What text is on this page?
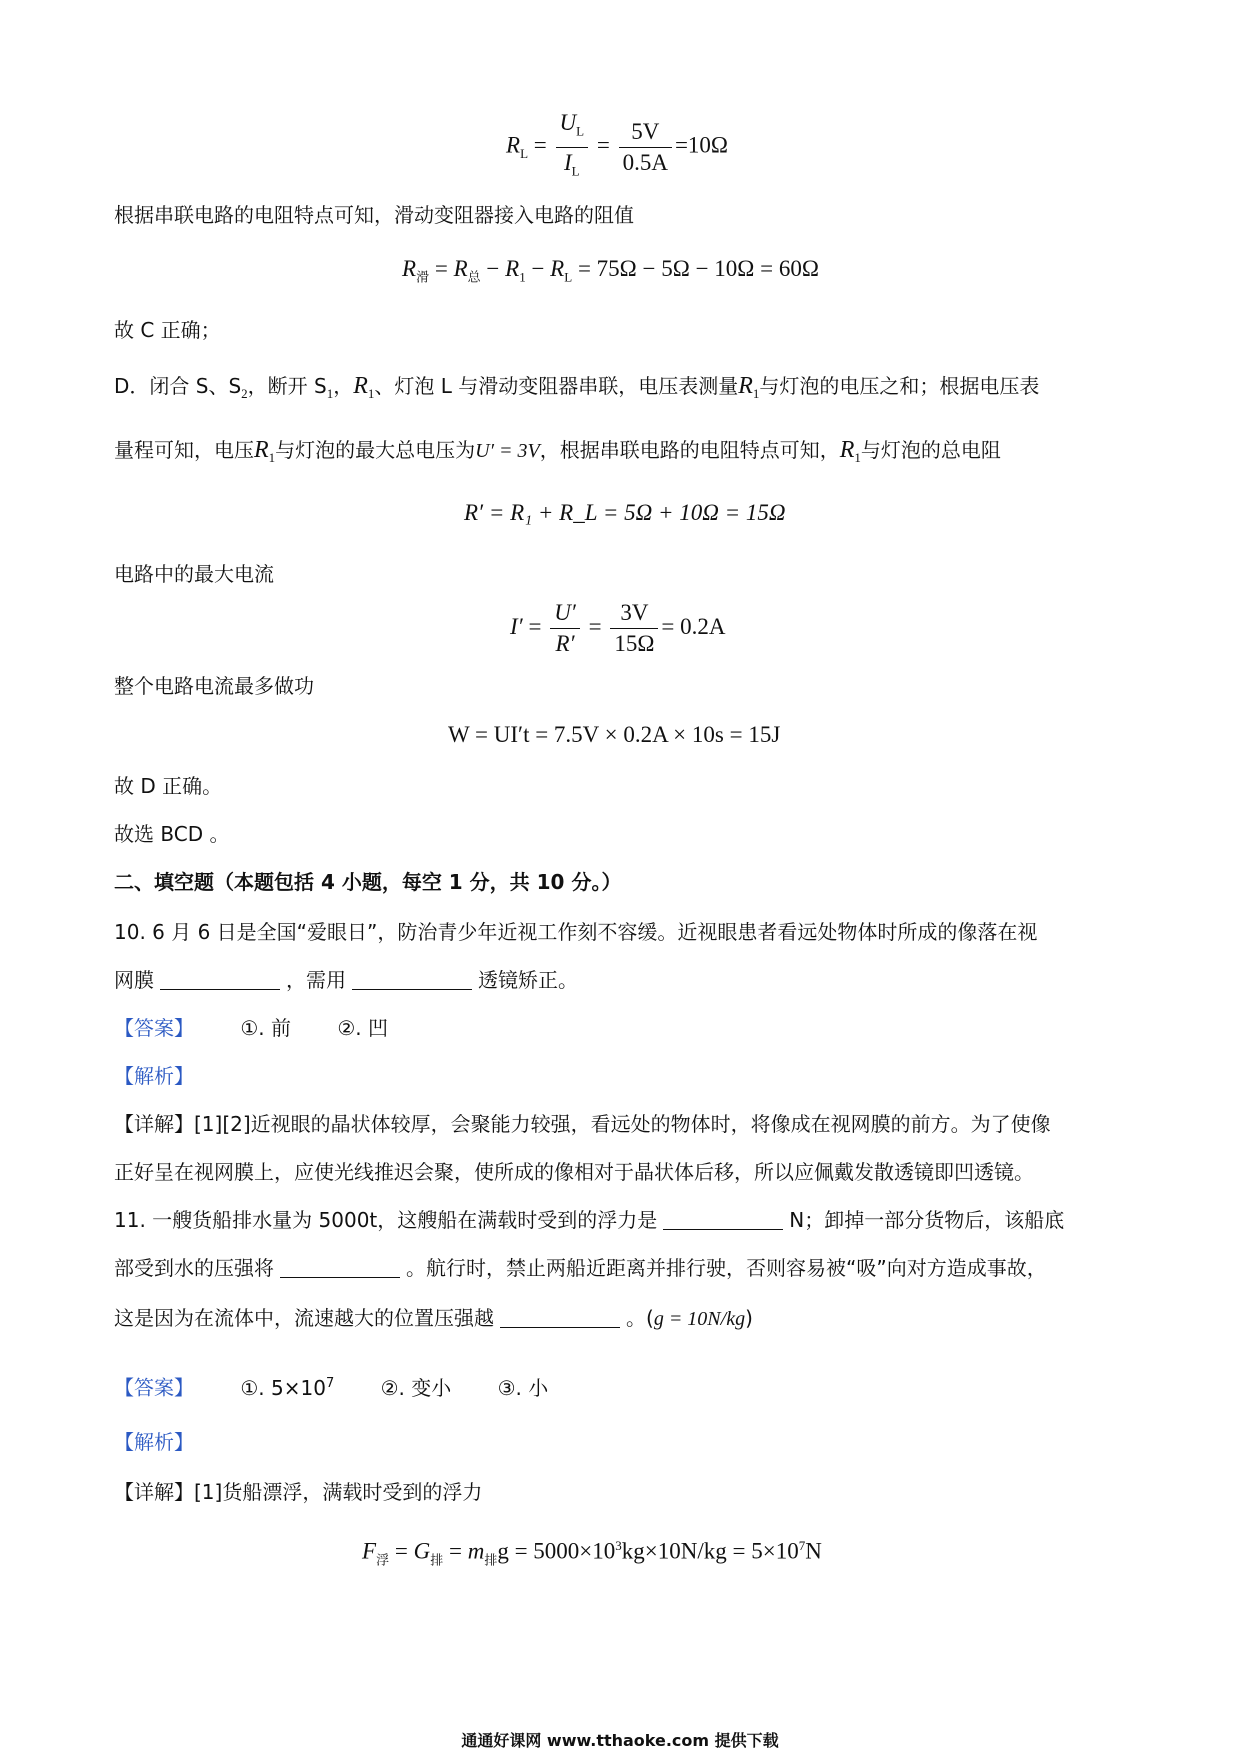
$R_L = \frac{U_L}{I_L} = \frac{5V}{0.5A} =10\Omega$
根据串联电路的电阻特点可知，滑动变阻器接入电路的阻值
$R_滑 = R_总 - R_1 - R_L = 75\Omega - 5\Omega - 10\Omega = 60\Omega$
故 C 正确；
D．闭合 S、$S_2$，断开 $S_1$，$R_1$、灯泡 L 与滑动变阻器串联，电压表测量$R_1$与灯泡的电压之和；根据电压表
量程可知，电压$R_1$与灯泡的最大总电压为U′ = 3V，根据串联电路的电阻特点可知，$R_1$与灯泡的总电阻
R′ = R₁ + R_L = 5Ω + 10Ω = 15Ω
电路中的最大电流
$I' = \frac{U'}{R'} = \frac{3V}{15\Omega} = 0.2A$
整个电路电流最多做功
W = UI′t = 7.5V × 0.2A × 10s = 15J
故 D 正确。
故选 BCD 。
二、填空题（本题包括 4 小题，每空 1 分，共 10 分。）
10. 6 月 6 日是全国“爱眼日”，防治青少年近视工作刻不容缓。近视眼患者看远处物体时所成的像落在视
网膜	，需用	透镜矫正。
【答案】 ①. 前 ②. 凹
【解析】
【详解】[1][2]近视眼的晶状体较厚，会聚能力较强，看远处的物体时，将像成在视网膜的前方。为了使像
正好呈在视网膜上，应使光线推迟会聚，使所成的像相对于晶状体后移，所以应佩戴发散透镜即凹透镜。
11. 一艘货船排水量为 5000t，这艘船在满载时受到的浮力是	N；卸掉一部分货物后，该船底
部受到水的压强将	。航行时，禁止两船近距离并排行驶，否则容易被“吸”向对方造成事故，
这是因为在流体中，流速越大的位置压强越	。(g = 10N/kg)
【答案】 ①. $5\times 10^7$ ②. 变小 ③. 小
【解析】
【详解】[1]货船漂浮，满载时受到的浮力
$F_浮 = G_排 = m_排g = 5000\times 10^3kg\times 10N/kg = 5\times 10^7N$
通通好课网 www.tthaoke.com 提供下载
